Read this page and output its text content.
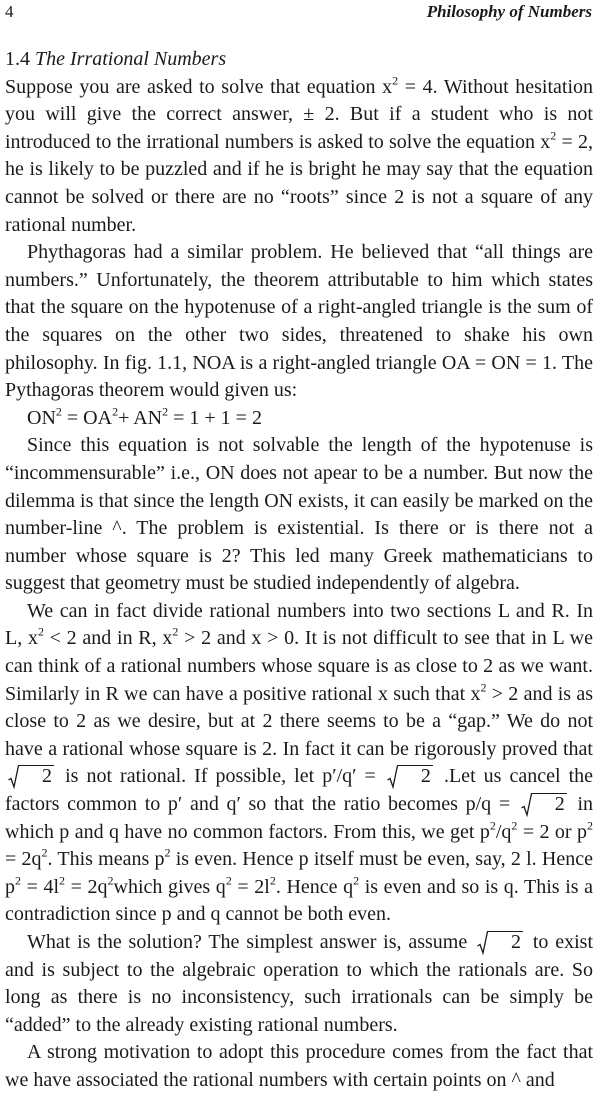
4	Philosophy of Numbers
1.4 The Irrational Numbers

Suppose you are asked to solve that equation $x^2 = 4$. Without hesitation you will give the correct answer, ± 2. But if a student who is not introduced to the irrational numbers is asked to solve the equation $x^2 = 2$, he is likely to be puzzled and if he is bright he may say that the equation cannot be solved or there are no “roots” since 2 is not a square of any rational number.

Phythagoras had a similar problem. He believed that “all things are numbers.” Unfortunately, the theorem attributable to him which states that the square on the hypotenuse of a right-angled triangle is the sum of the squares on the other two sides, threatened to shake his own philosophy. In fig. 1.1, NOA is a right-angled triangle OA = ON = 1. The Pythagoras theorem would given us:

$ON^2 = OA^2+ AN^2 = 1 + 1 = 2$

Since this equation is not solvable the length of the hypotenuse is “incommensurable” i.e., ON does not apear to be a number. But now the dilemma is that since the length ON exists, it can easily be marked on the number-line ^. The problem is existential. Is there or is there not a number whose square is 2? This led many Greek mathematicians to suggest that geometry must be studied independently of algebra.

We can in fact divide rational numbers into two sections L and R. In L, $x^2 < 2$ and in R, $x^2 > 2$ and x > 0. It is not difficult to see that in L we can think of a rational numbers whose square is as close to 2 as we want. Similarly in R we can have a positive rational x such that $x^2 > 2$ and is as close to 2 as we desire, but at 2 there seems to be a “gap.” We do not have a rational whose square is 2. In fact it can be rigorously proved that
2 is not rational. If possible, let p′/q′ = 2 .Let us cancel the factors common to p′ and q′ so that the ratio becomes p/q = 2 in which p and q have no common factors. From this, we get $p^2/q^2 = 2$ or $p^2 = 2q^2$. This means $p^2$ is even. Hence p itself must be even, say, 2 l. Hence $p^2 = 4l^2$ = $2q^2which$ gives $q^2 = 2l^2$. Hence $q^2$ is even and so is q. This is a contradiction since p and q cannot be both even.

What is the solution? The simplest answer is, assume 2 to exist and is subject to the algebraic operation to which the rationals are. So long as there is no inconsistency, such irrationals can be simply be “added” to the already existing rational numbers.

A strong motivation to adopt this procedure comes from the fact that we have associated the rational numbers with certain points on ^ and
